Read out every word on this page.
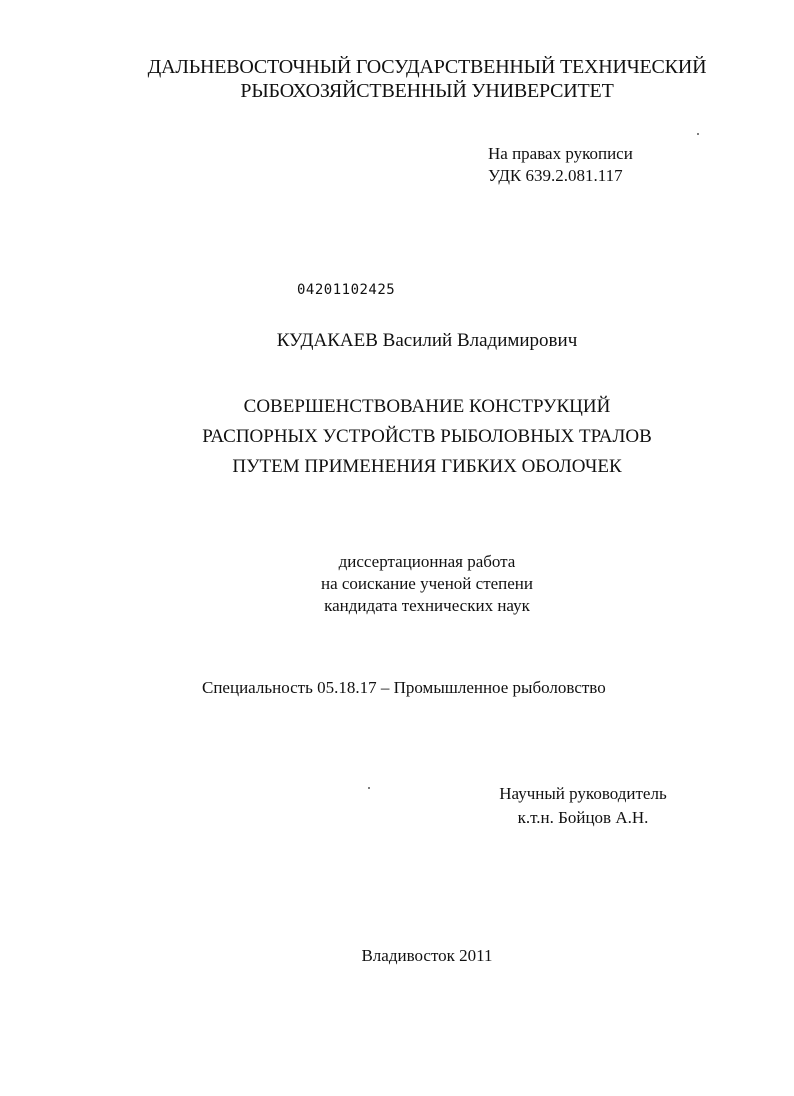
ДАЛЬНЕВОСТОЧНЫЙ ГОСУДАРСТВЕННЫЙ ТЕХНИЧЕСКИЙ
РЫБОХОЗЯЙСТВЕННЫЙ УНИВЕРСИТЕТ
На правах рукописи
УДК 639.2.081.117
04201102425
КУДАКАЕВ Василий Владимирович
СОВЕРШЕНСТВОВАНИЕ КОНСТРУКЦИЙ
РАСПОРНЫХ УСТРОЙСТВ РЫБОЛОВНЫХ ТРАЛОВ
ПУТЕМ ПРИМЕНЕНИЯ ГИБКИХ ОБОЛОЧЕК
диссертационная работа
на соискание ученой степени
кандидата технических наук
Специальность 05.18.17 – Промышленное рыболовство
Научный руководитель
к.т.н. Бойцов А.Н.
Владивосток 2011
